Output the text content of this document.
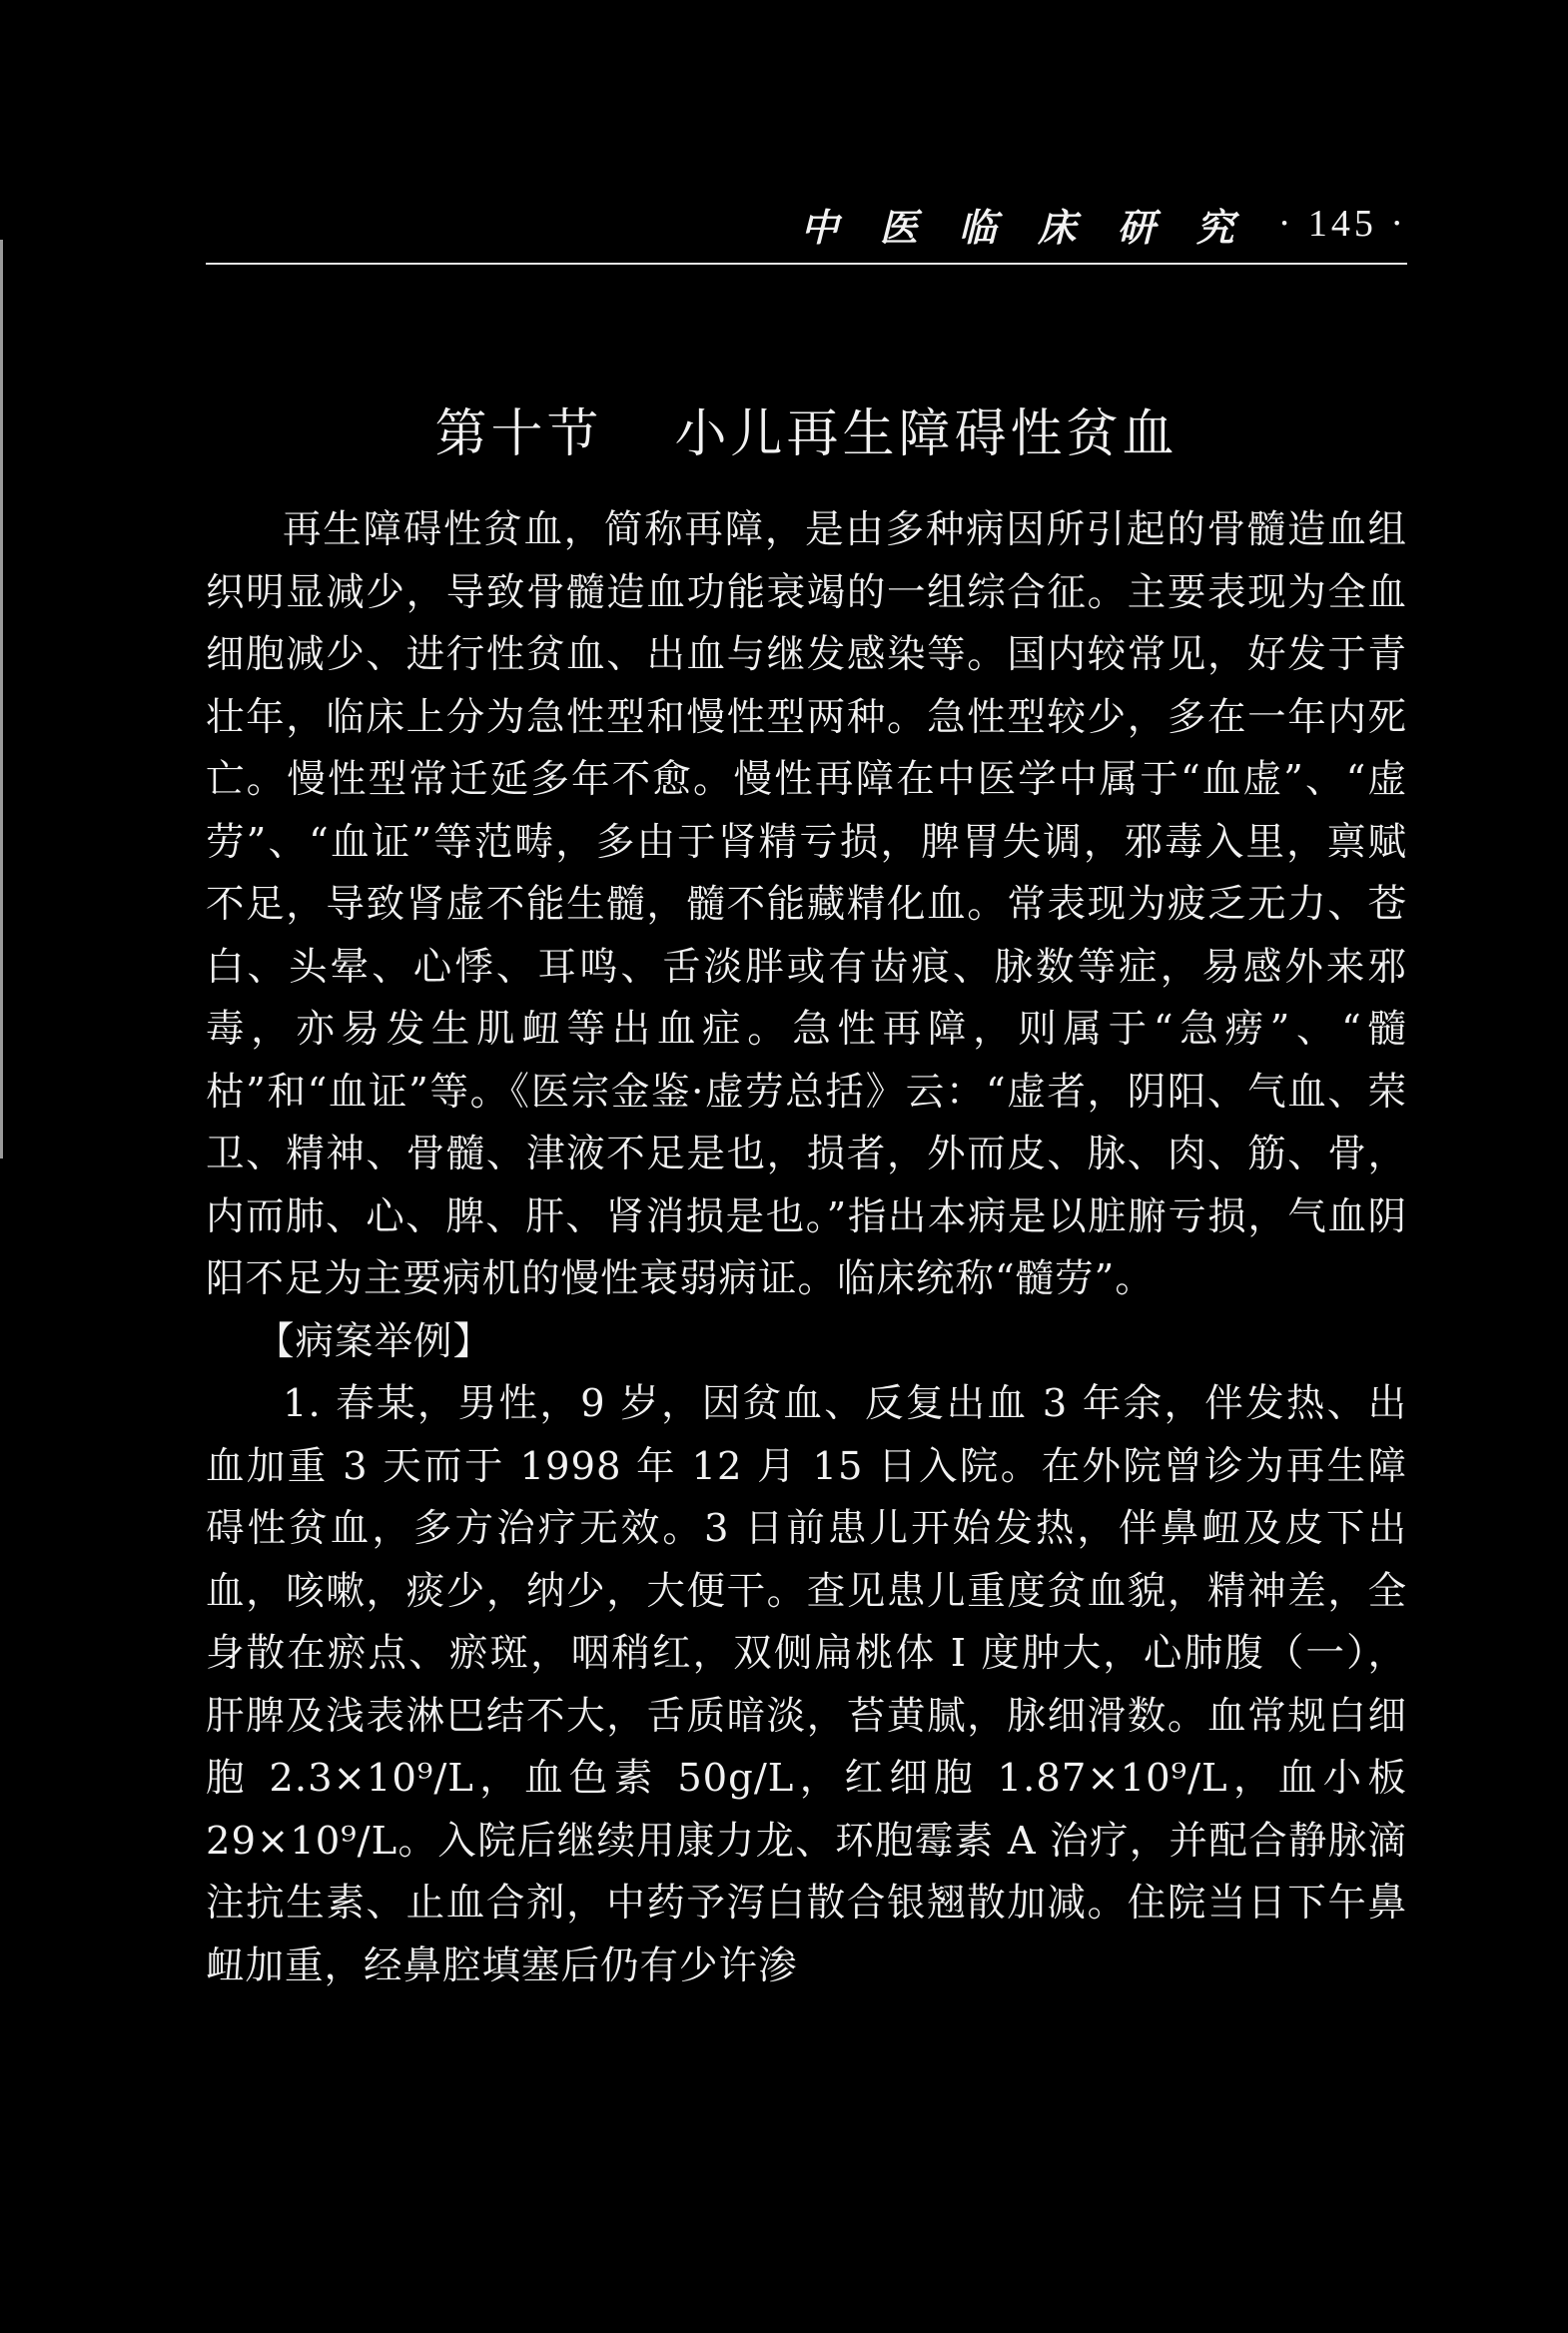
中 医 临 床 研 究 · 145 ·
第十节 小儿再生障碍性贫血

再生障碍性贫血，简称再障，是由多种病因所引起的骨髓造血组织明显减少，导致骨髓造血功能衰竭的一组综合征。主要表现为全血细胞减少、进行性贫血、出血与继发感染等。国内较常见，好发于青壮年，临床上分为急性型和慢性型两种。急性型较少，多在一年内死亡。慢性型常迁延多年不愈。慢性再障在中医学中属于“血虚”、“虚劳”、“血证”等范畴，多由于肾精亏损，脾胃失调，邪毒入里，禀赋不足，导致肾虚不能生髓，髓不能藏精化血。常表现为疲乏无力、苍白、头晕、心悸、耳鸣、舌淡胖或有齿痕、脉数等症，易感外来邪毒，亦易发生肌衄等出血症。急性再障，则属于“急痨”、“髓枯”和“血证”等。《医宗金鉴·虚劳总括》云：“虚者，阴阳、气血、荣卫、精神、骨髓、津液不足是也，损者，外而皮、脉、肉、筋、骨，内而肺、心、脾、肝、肾消损是也。”指出本病是以脏腑亏损，气血阴阳不足为主要病机的慢性衰弱病证。临床统称“髓劳”。

【病案举例】

1. 春某，男性，9 岁，因贫血、反复出血 3 年余，伴发热、出血加重 3 天而于 1998 年 12 月 15 日入院。在外院曾诊为再生障碍性贫血，多方治疗无效。3 日前患儿开始发热，伴鼻衄及皮下出血，咳嗽，痰少，纳少，大便干。查见患儿重度贫血貌，精神差，全身散在瘀点、瘀斑，咽稍红，双侧扁桃体 I 度肿大，心肺腹（一），肝脾及浅表淋巴结不大，舌质暗淡，苔黄腻，脉细滑数。血常规白细胞 2.3×10⁹/L，血色素 50g/L，红细胞 1.87×10⁹/L，血小板 29×10⁹/L。入院后继续用康力龙、环胞霉素 A 治疗，并配合静脉滴注抗生素、止血合剂，中药予泻白散合银翘散加减。住院当日下午鼻衄加重，经鼻腔填塞后仍有少许渗
